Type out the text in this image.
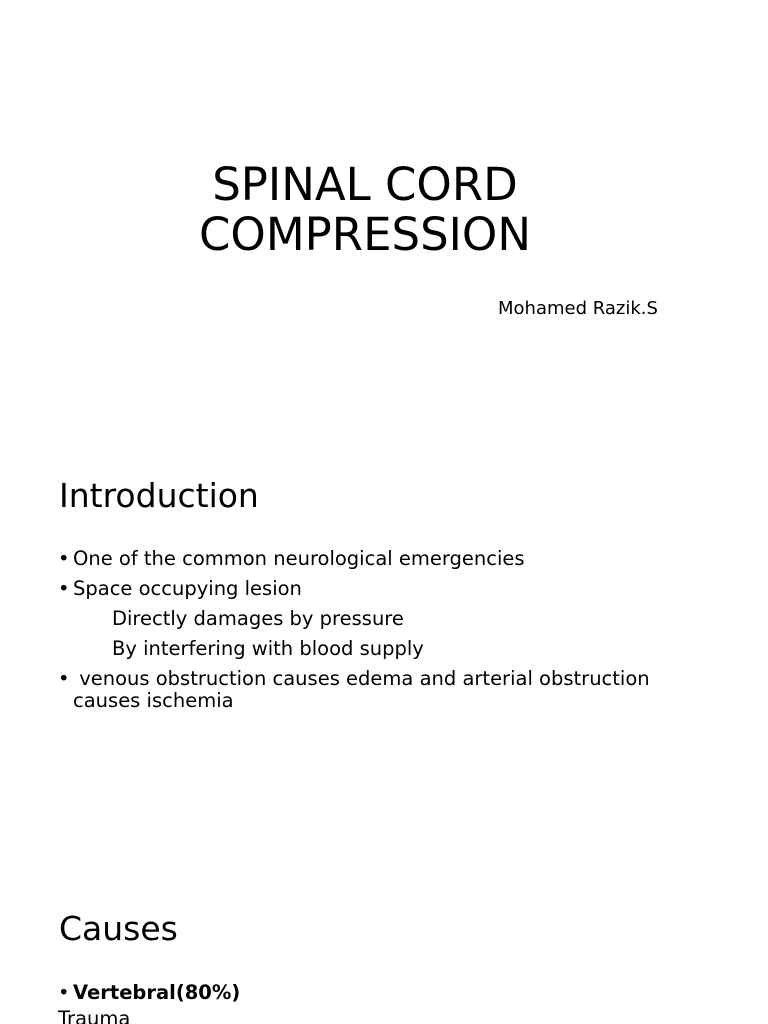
SPINAL CORD
COMPRESSION
Mohamed Razik.S
Introduction
• One of the common neurological emergencies
• Space occupying lesion
Directly damages by pressure
By interfering with blood supply
• venous obstruction causes edema and arterial obstruction causes ischemia
Causes
• Vertebral(80%)
Trauma
